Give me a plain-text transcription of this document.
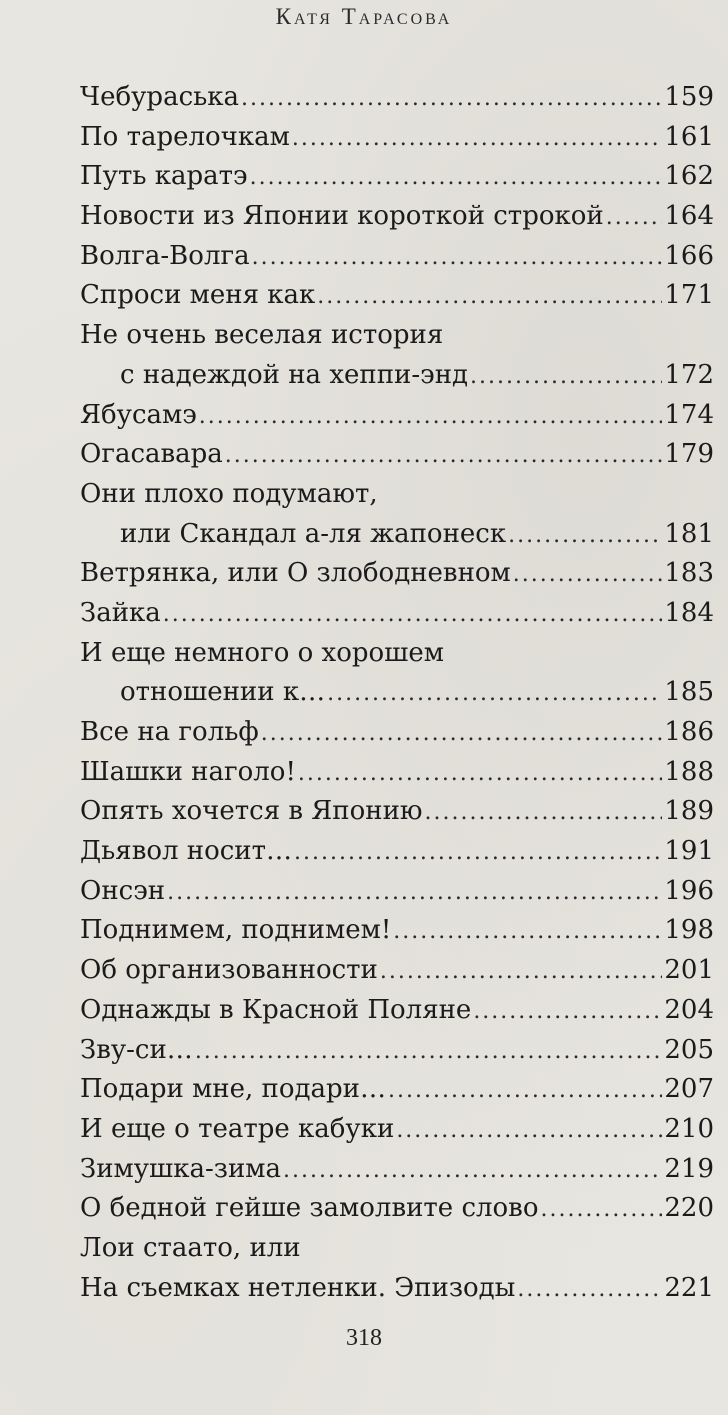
Катя Тарасова
Чебураська .....	159
По тарелочкам .....	161
Путь каратэ .....	162
Новости из Японии короткой строкой ..... 164
Волга-Волга .....	166
Спроси меня как .....	171
Не очень веселая история
с надеждой на хеппи-энд .....	172
Ябусамэ .....	174
Огасавара .....	179
Они плохо подумают,
или Скандал а-ля жапонеск .....	181
Ветрянка, или О злободневном .....	183
Зайка .....	184
И еще немного о хорошем
отношении к… .....	185
Все на гольф .....	186
Шашки наголо! .....	188
Опять хочется в Японию .....	189
Дьявол носит… .....	191
Онсэн .....	196
Поднимем, поднимем! .....	198
Об организованности .....	201
Однажды в Красной Поляне .....	204
Зву-си… .....	205
Подари мне, подари… .....	207
И еще о театре кабуки .....	210
Зимушка-зима .....	219
О бедной гейше замолвите слово .....	220
Лои стаато, или
На съемках нетленки. Эпизоды .....	221
318
